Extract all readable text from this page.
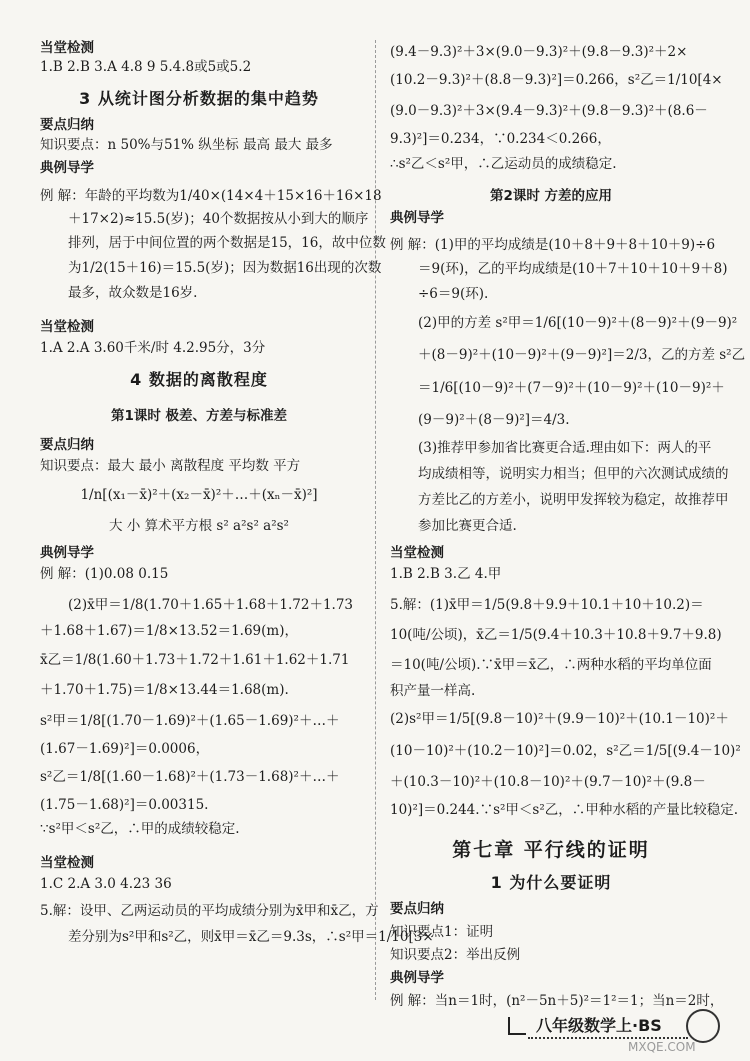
当堂检测

1.B 2.B 3.A 4.8 9 5.4.8或5或5.2

3 从统计图分析数据的集中趋势

要点归纳

知识要点：n 50%与51% 纵坐标 最高 最大 最多

典例导学

例 解：年龄的平均数为1/40×(14×4＋15×16＋16×18

＋17×2)≈15.5(岁)；40个数据按从小到大的顺序

排列，居于中间位置的两个数据是15，16，故中位数

为1/2(15＋16)＝15.5(岁)；因为数据16出现的次数

最多，故众数是16岁.

当堂检测

1.A 2.A 3.60千米/时 4.2.95分，3分

4 数据的离散程度

第1课时 极差、方差与标准差

要点归纳

知识要点：最大 最小 离散程度 平均数 平方

1/n[(x₁－x̄)²＋(x₂－x̄)²＋…＋(xₙ－x̄)²]

大 小 算术平方根 s² a²s² a²s²

典例导学

例 解：(1)0.08 0.15

(2)x̄甲＝1/8(1.70＋1.65＋1.68＋1.72＋1.73

＋1.68＋1.67)＝1/8×13.52＝1.69(m)，

x̄乙＝1/8(1.60＋1.73＋1.72＋1.61＋1.62＋1.71

＋1.70＋1.75)＝1/8×13.44＝1.68(m).

s²甲＝1/8[(1.70－1.69)²＋(1.65－1.69)²＋…＋

(1.67－1.69)²]＝0.0006，

s²乙＝1/8[(1.60－1.68)²＋(1.73－1.68)²＋…＋

(1.75－1.68)²]＝0.00315.

∵s²甲＜s²乙，∴甲的成绩较稳定.

当堂检测

1.C 2.A 3.0 4.23 36

5.解：设甲、乙两运动员的平均成绩分别为x̄甲和x̄乙，方

差分别为s²甲和s²乙，则x̄甲＝x̄乙＝9.3s，∴s²甲＝1/10[3×

(9.4－9.3)²＋3×(9.0－9.3)²＋(9.8－9.3)²＋2×

(10.2－9.3)²＋(8.8－9.3)²]＝0.266，s²乙＝1/10[4×

(9.0－9.3)²＋3×(9.4－9.3)²＋(9.8－9.3)²＋(8.6－

9.3)²]＝0.234，∵0.234＜0.266，

∴s²乙＜s²甲，∴乙运动员的成绩稳定.

第2课时 方差的应用

典例导学

例 解：(1)甲的平均成绩是(10＋8＋9＋8＋10＋9)÷6

＝9(环)，乙的平均成绩是(10＋7＋10＋10＋9＋8)

÷6＝9(环).

(2)甲的方差 s²甲＝1/6[(10－9)²＋(8－9)²＋(9－9)²

＋(8－9)²＋(10－9)²＋(9－9)²]＝2/3，乙的方差 s²乙

＝1/6[(10－9)²＋(7－9)²＋(10－9)²＋(10－9)²＋

(9－9)²＋(8－9)²]＝4/3.

(3)推荐甲参加省比赛更合适.理由如下：两人的平

均成绩相等，说明实力相当；但甲的六次测试成绩的

方差比乙的方差小，说明甲发挥较为稳定，故推荐甲

参加比赛更合适.

当堂检测

1.B 2.B 3.乙 4.甲

5.解：(1)x̄甲＝1/5(9.8＋9.9＋10.1＋10＋10.2)＝

10(吨/公顷)，x̄乙＝1/5(9.4＋10.3＋10.8＋9.7＋9.8)

＝10(吨/公顷).∵x̄甲＝x̄乙，∴两种水稻的平均单位面

积产量一样高.

(2)s²甲＝1/5[(9.8－10)²＋(9.9－10)²＋(10.1－10)²＋

(10－10)²＋(10.2－10)²]＝0.02，s²乙＝1/5[(9.4－10)²

＋(10.3－10)²＋(10.8－10)²＋(9.7－10)²＋(9.8－

10)²]＝0.244.∵s²甲＜s²乙，∴甲种水稻的产量比较稳定.

第七章 平行线的证明

1 为什么要证明

要点归纳

知识要点1：证明

知识要点2：举出反例

典例导学

例 解：当n＝1时，(n²－5n＋5)²＝1²＝1；当n＝2时，

八年级数学上·BS
MXQE.COM
